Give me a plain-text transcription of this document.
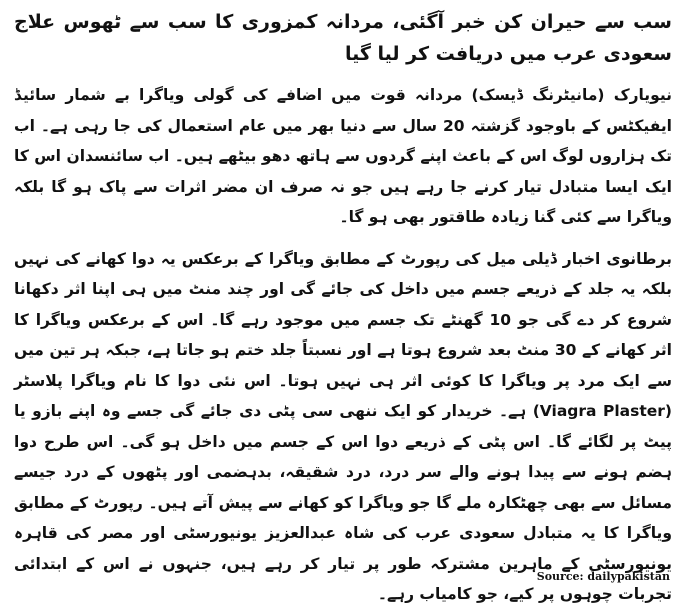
سب سے حیران کن خبر آگئی، مردانہ کمزوری کا سب سے ٹھوس علاج سعودی عرب میں دریافت کر لیا گیا

نیویارک (مانیٹرنگ ڈیسک) مردانہ قوت میں اضافے کی گولی ویاگرا بے شمار سائیڈ ایفیکٹس کے باوجود گزشتہ 20 سال سے دنیا بھر میں عام استعمال کی جا رہی ہے۔ اب تک ہزاروں لوگ اس کے باعث اپنے گردوں سے ہاتھ دھو بیٹھے ہیں۔ اب سائنسدان اس کا ایک ایسا متبادل تیار کرنے جا رہے ہیں جو نہ صرف ان مضر اثرات سے پاک ہو گا بلکہ ویاگرا سے کئی گنا زیادہ طاقتور بھی ہو گا۔

برطانوی اخبار ڈیلی میل کی رپورٹ کے مطابق ویاگرا کے برعکس یہ دوا کھانے کی نہیں بلکہ یہ جلد کے ذریعے جسم میں داخل کی جائے گی اور چند منٹ میں ہی اپنا اثر دکھانا شروع کر دے گی جو 10 گھنٹے تک جسم میں موجود رہے گا۔ اس کے برعکس ویاگرا کا اثر کھانے کے 30 منٹ بعد شروع ہوتا ہے اور نسبتاً جلد ختم ہو جاتا ہے، جبکہ ہر تین میں سے ایک مرد پر ویاگرا کا کوئی اثر ہی نہیں ہوتا۔ اس نئی دوا کا نام ویاگرا پلاسٹر (Viagra Plaster) ہے۔ خریدار کو ایک ننھی سی پٹی دی جائے گی جسے وہ اپنے بازو یا پیٹ پر لگائے گا۔ اس پٹی کے ذریعے دوا اس کے جسم میں داخل ہو گی۔ اس طرح دوا ہضم ہونے سے پیدا ہونے والے سر درد، درد شقیقہ، بدہضمی اور پٹھوں کے درد جیسے مسائل سے بھی چھٹکارہ ملے گا جو ویاگرا کو کھانے سے پیش آتے ہیں۔ رپورٹ کے مطابق ویاگرا کا یہ متبادل سعودی عرب کی شاہ عبدالعزیز یونیورسٹی اور مصر کی قاہرہ یونیورسٹی کے ماہرین مشترکہ طور پر تیار کر رہے ہیں، جنہوں نے اس کے ابتدائی تجربات چوہوں پر کیے، جو کامیاب رہے۔

Source: dailypakistan
